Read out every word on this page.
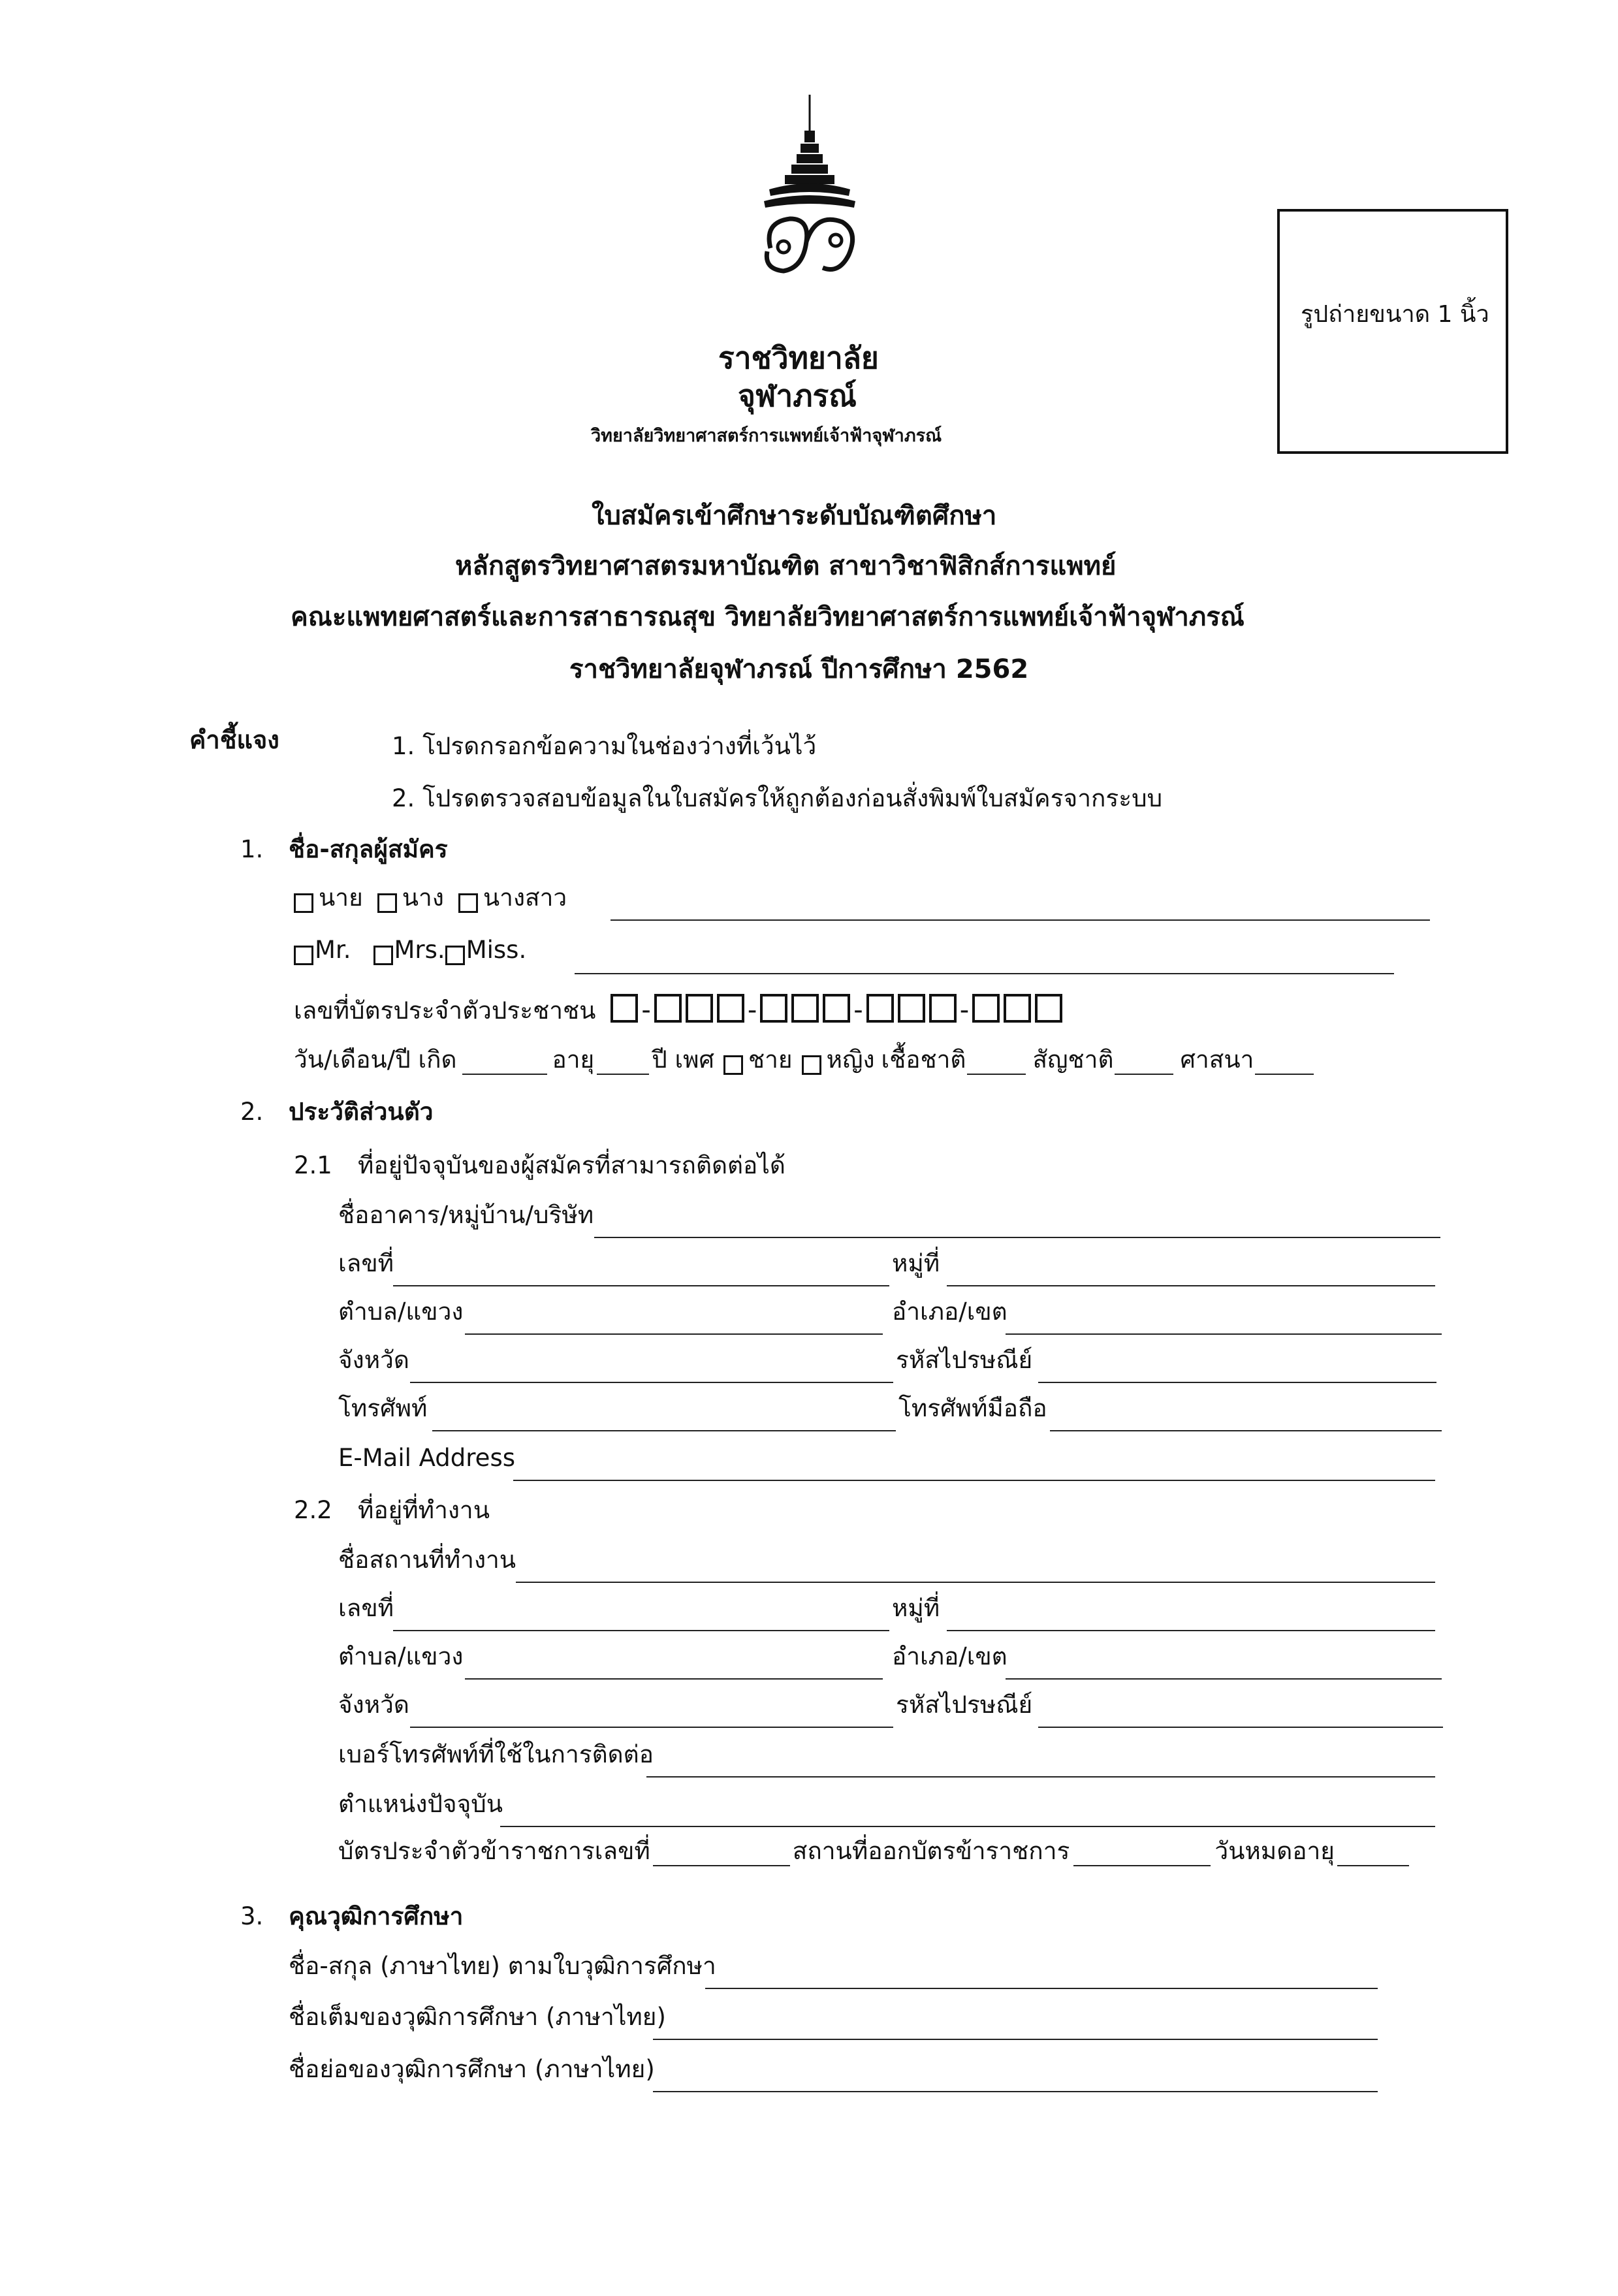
ราชวิทยาลัย
จุฬาภรณ์
วิทยาลัยวิทยาศาสตร์การแพทย์เจ้าฟ้าจุฬาภรณ์
รูปถ่ายขนาด 1 นิ้ว
ใบสมัครเข้าศึกษาระดับบัณฑิตศึกษา
หลักสูตรวิทยาศาสตรมหาบัณฑิต สาขาวิชาฟิสิกส์การแพทย์
คณะแพทยศาสตร์และการสาธารณสุข วิทยาลัยวิทยาศาสตร์การแพทย์เจ้าฟ้าจุฬาภรณ์
ราชวิทยาลัยจุฬาภรณ์ ปีการศึกษา 2562
คำชี้แจง	1. โปรดกรอกข้อความในช่องว่างที่เว้นไว้
2. โปรดตรวจสอบข้อมูลในใบสมัครให้ถูกต้องก่อนสั่งพิมพ์ใบสมัครจากระบบ
1. ชื่อ-สกุลผู้สมัคร
นาย นาง นางสาว
Mr. Mrs. Miss.
เลขที่บัตรประจำตัวประชาชน	-	-	-	-
วัน/เดือน/ปี เกิด	อายุ ปี เพศ ชาย หญิง เชื้อชาติ	สัญชาติ	ศาสนา
2. ประวัติส่วนตัว
2.1 ที่อยู่ปัจจุบันของผู้สมัครที่สามารถติดต่อได้
ชื่ออาคาร/หมู่บ้าน/บริษัท
เลขที่	หมู่ที่
ตำบล/แขวง	อำเภอ/เขต
จังหวัด	รหัสไปรษณีย์
โทรศัพท์	โทรศัพท์มือถือ
E-Mail Address
2.2 ที่อยู่ที่ทำงาน
ชื่อสถานที่ทำงาน
เลขที่	หมู่ที่
ตำบล/แขวง	อำเภอ/เขต
จังหวัด	รหัสไปรษณีย์
เบอร์โทรศัพท์ที่ใช้ในการติดต่อ
ตำแหน่งปัจจุบัน
บัตรประจำตัวข้าราชการเลขที่	สถานที่ออกบัตรข้าราชการ	วันหมดอายุ
3. คุณวุฒิการศึกษา
ชื่อ-สกุล (ภาษาไทย) ตามใบวุฒิการศึกษา
ชื่อเต็มของวุฒิการศึกษา (ภาษาไทย)
ชื่อย่อของวุฒิการศึกษา (ภาษาไทย)
